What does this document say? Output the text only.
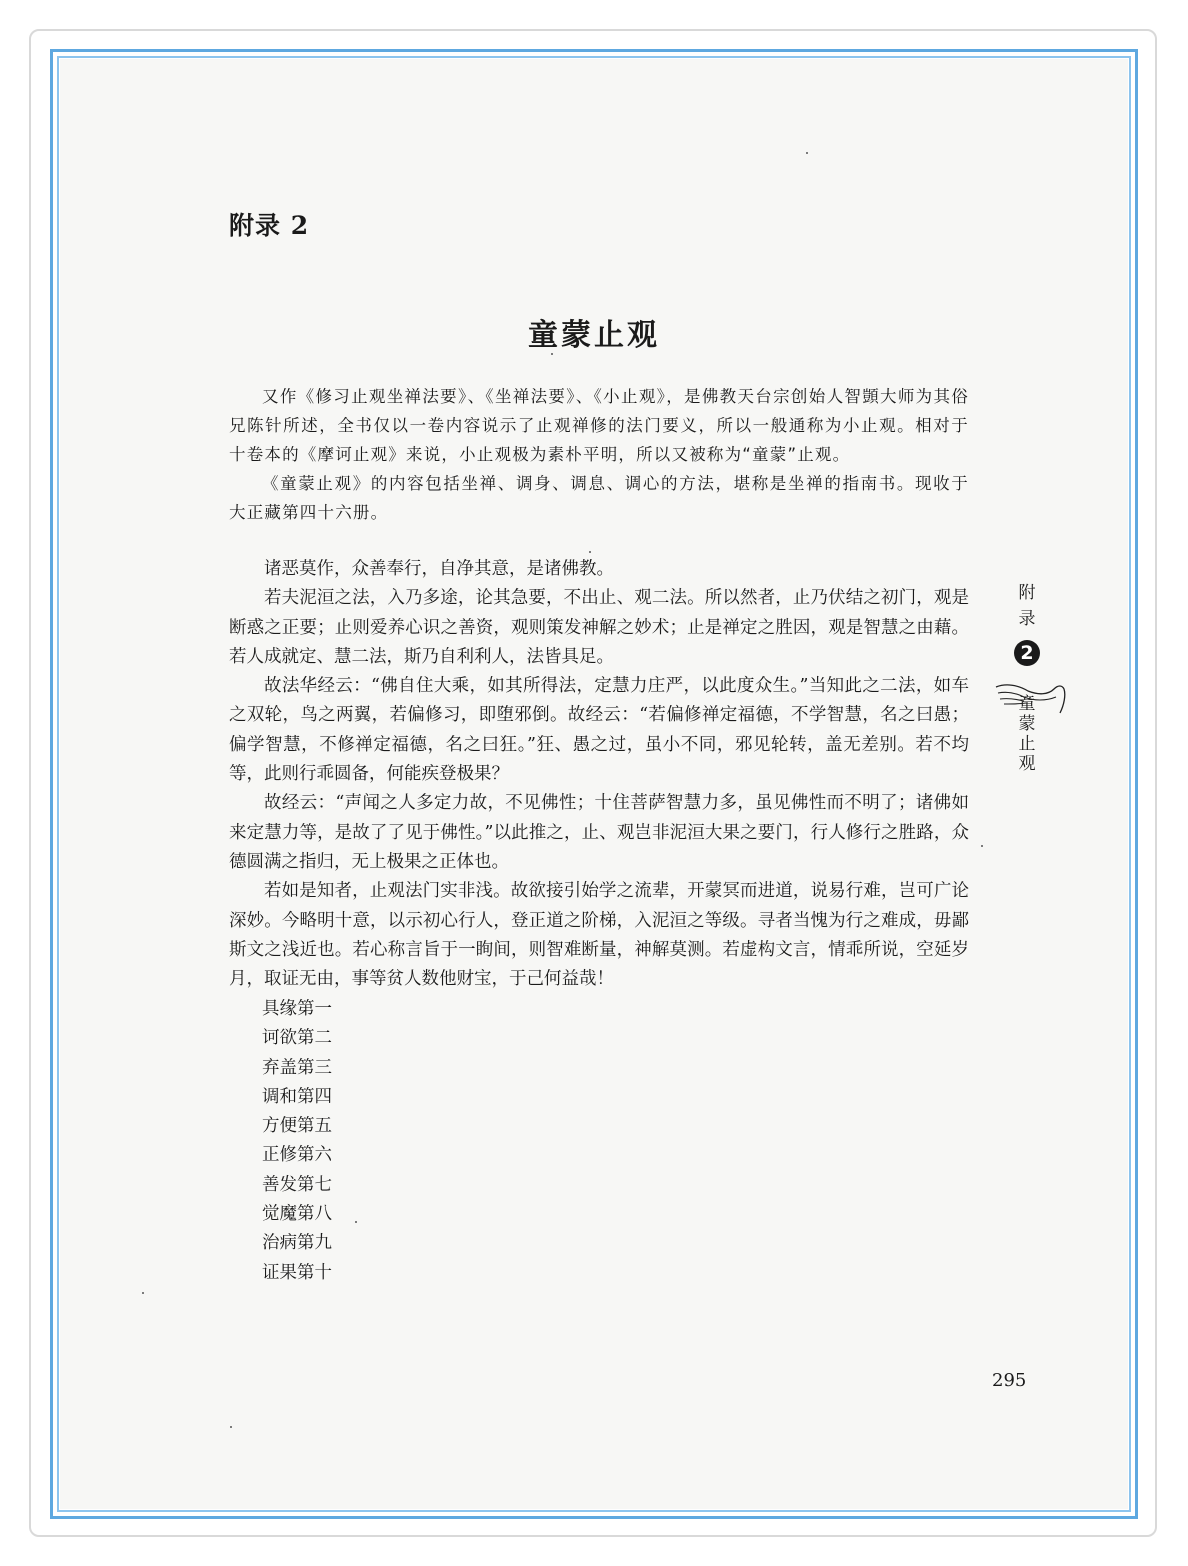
附录 2
童蒙止观

又作《修习止观坐禅法要》、《坐禅法要》、《小止观》，是佛教天台宗创始人智顗大师为其俗兄陈针所述，全书仅以一卷内容说示了止观禅修的法门要义，所以一般通称为小止观。相对于十卷本的《摩诃止观》来说，小止观极为素朴平明，所以又被称为“童蒙”止观。

《童蒙止观》的内容包括坐禅、调身、调息、调心的方法，堪称是坐禅的指南书。现收于大正藏第四十六册。

诸恶莫作，众善奉行，自净其意，是诸佛教。

若夫泥洹之法，入乃多途，论其急要，不出止、观二法。所以然者，止乃伏结之初门，观是断惑之正要；止则爱养心识之善资，观则策发神解之妙术；止是禅定之胜因，观是智慧之由藉。若人成就定、慧二法，斯乃自利利人，法皆具足。

故法华经云：“佛自住大乘，如其所得法，定慧力庄严，以此度众生。”当知此之二法，如车之双轮，鸟之两翼，若偏修习，即堕邪倒。故经云：“若偏修禅定福德，不学智慧，名之曰愚；偏学智慧，不修禅定福德，名之曰狂。”狂、愚之过，虽小不同，邪见轮转，盖无差别。若不均等，此则行乖圆备，何能疾登极果？

故经云：“声闻之人多定力故，不见佛性；十住菩萨智慧力多，虽见佛性而不明了；诸佛如来定慧力等，是故了了见于佛性。”以此推之，止、观岂非泥洹大果之要门，行人修行之胜路，众德圆满之指归，无上极果之正体也。

若如是知者，止观法门实非浅。故欲接引始学之流辈，开蒙冥而进道，说易行难，岂可广论深妙。今略明十意，以示初心行人，登正道之阶梯，入泥洹之等级。寻者当愧为行之难成，毋鄙斯文之浅近也。若心称言旨于一眴间，则智难断量，神解莫测。若虚构文言，情乖所说，空延岁月，取证无由，事等贫人数他财宝，于己何益哉！

具缘第一
诃欲第二
弃盖第三
调和第四
方便第五
正修第六
善发第七
觉魔第八
治病第九
证果第十
附
录
2
童
蒙
止
观
295
